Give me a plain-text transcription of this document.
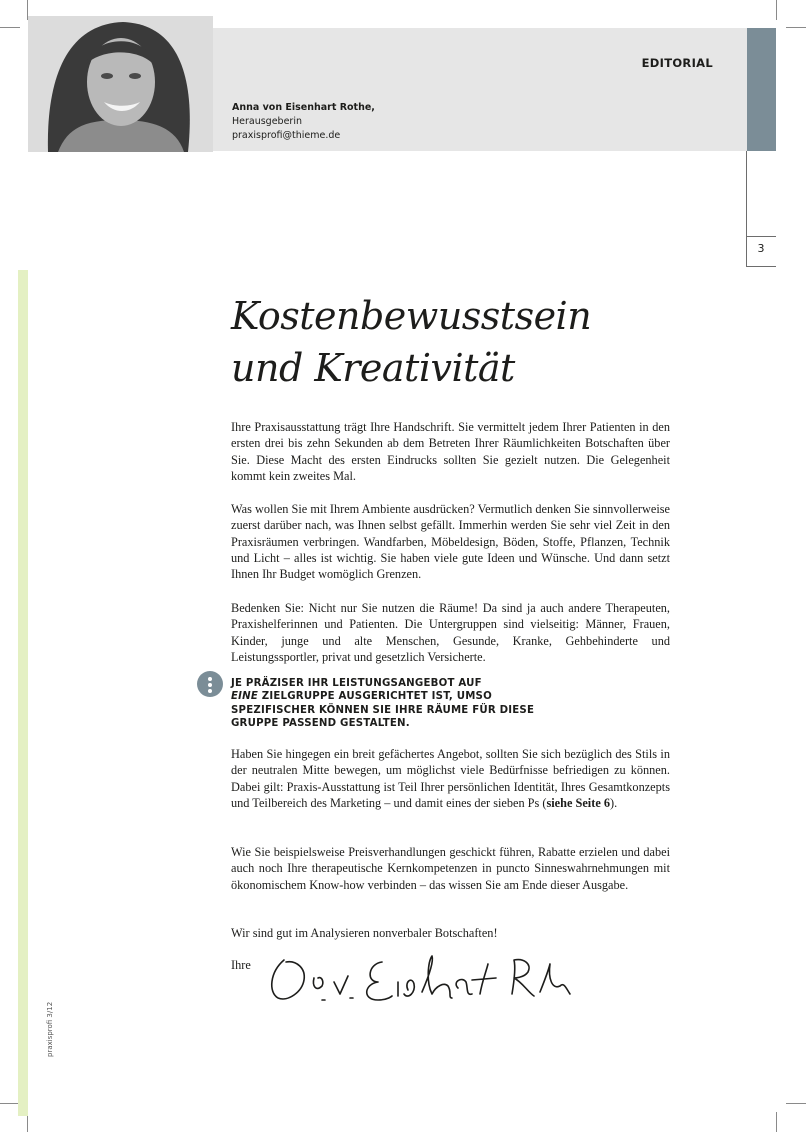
Anna von Eisenhart Rothe,
Herausgeberin
praxisprofi@thieme.de
EDITORIAL
3
praxisprofi 3/12
Kostenbewusstsein
und Kreativität

Ihre Praxisausstattung trägt Ihre Handschrift. Sie vermittelt jedem Ihrer Patienten in den ersten drei bis zehn Sekunden ab dem Betreten Ihrer Räumlichkeiten Botschaften über Sie. Diese Macht des ersten Eindrucks sollten Sie gezielt nutzen. Die Gelegenheit kommt kein zweites Mal.

Was wollen Sie mit Ihrem Ambiente ausdrücken? Vermutlich denken Sie sinnvollerweise zuerst darüber nach, was Ihnen selbst gefällt. Immerhin werden Sie sehr viel Zeit in den Praxisräumen verbringen. Wandfarben, Möbeldesign, Böden, Stoffe, Pflanzen, Technik und Licht – alles ist wichtig. Sie haben viele gute Ideen und Wünsche. Und dann setzt Ihnen Ihr Budget womöglich Grenzen.

Bedenken Sie: Nicht nur Sie nutzen die Räume! Da sind ja auch andere Therapeuten, Praxishelferinnen und Patienten. Die Untergruppen sind vielseitig: Männer, Frauen, Kinder, junge und alte Menschen, Gesunde, Kranke, Gehbehinderte und Leistungssportler, privat und gesetzlich Versicherte.

JE PRÄZISER IHR LEISTUNGSANGEBOT AUF
EINE ZIELGRUPPE AUSGERICHTET IST, UMSO SPEZIFISCHER KÖNNEN SIE IHRE RÄUME FÜR DIESE GRUPPE PASSEND GESTALTEN.

Haben Sie hingegen ein breit gefächertes Angebot, sollten Sie sich bezüglich des Stils in der neutralen Mitte bewegen, um möglichst viele Bedürfnisse befriedigen zu können. Dabei gilt: Praxis-Ausstattung ist Teil Ihrer persönlichen Identität, Ihres Gesamtkonzepts und Teilbereich des Marketing – und damit eines der sieben Ps (siehe Seite 6).

Wie Sie beispielsweise Preisverhandlungen geschickt führen, Rabatte erzielen und dabei auch noch Ihre therapeutische Kernkompetenzen in puncto Sinneswahrnehmungen mit ökonomischem Know-how verbinden – das wissen Sie am Ende dieser Ausgabe.

Wir sind gut im Analysieren nonverbaler Botschaften!

Ihre
